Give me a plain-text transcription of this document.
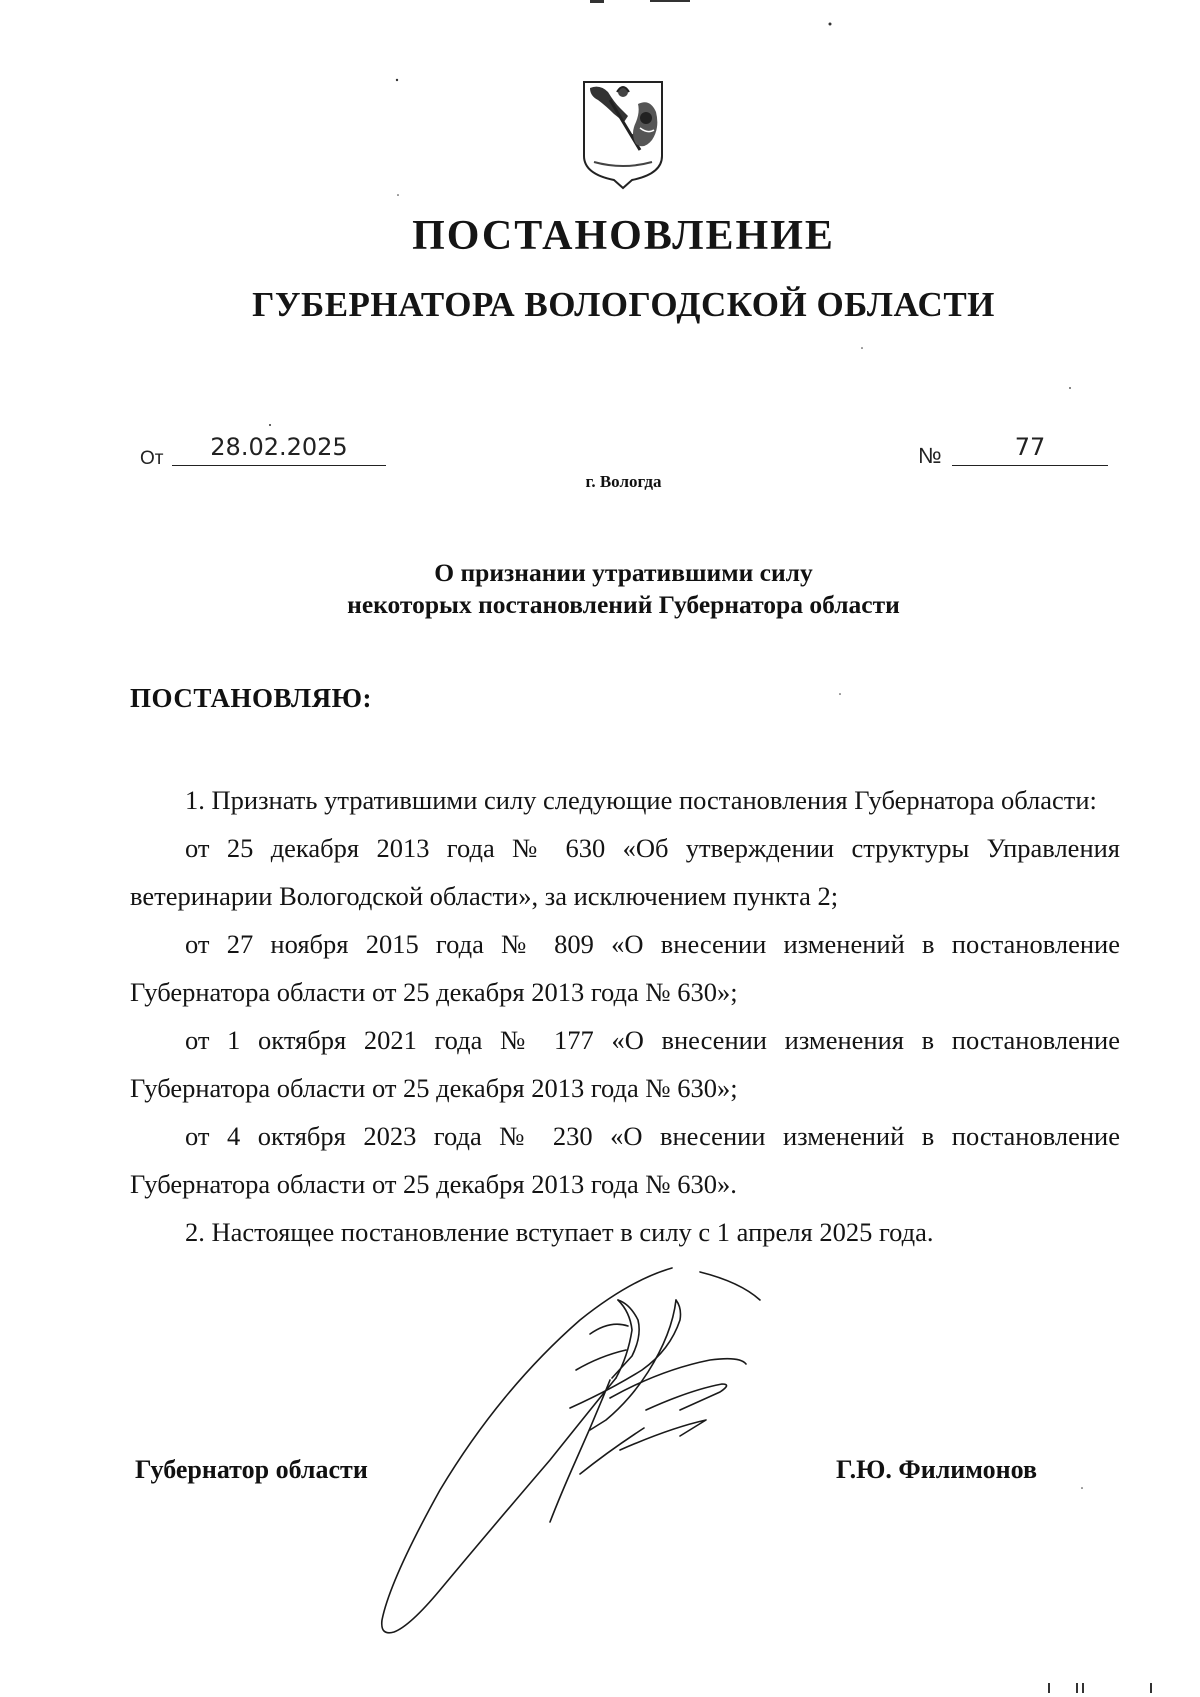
ПОСТАНОВЛЕНИЕ
ГУБЕРНАТОРА ВОЛОГОДСКОЙ ОБЛАСТИ
От	28.02.2025	№	77
г. Вологда
О признании утратившими силу
некоторых постановлений Губернатора области
ПОСТАНОВЛЯЮ:

1. Признать утратившими силу следующие постановления Губернатора области:

от 25 декабря 2013 года № 630 «Об утверждении структуры Управления ветеринарии Вологодской области», за исключением пункта 2;

от 27 ноября 2015 года № 809 «О внесении изменений в постановление Губернатора области от 25 декабря 2013 года № 630»;

от 1 октября 2021 года № 177 «О внесении изменения в постановление Губернатора области от 25 декабря 2013 года № 630»;

от 4 октября 2023 года № 230 «О внесении изменений в постановление Губернатора области от 25 декабря 2013 года № 630».

2. Настоящее постановление вступает в силу с 1 апреля 2025 года.

Губернатор области	Г.Ю. Филимонов
